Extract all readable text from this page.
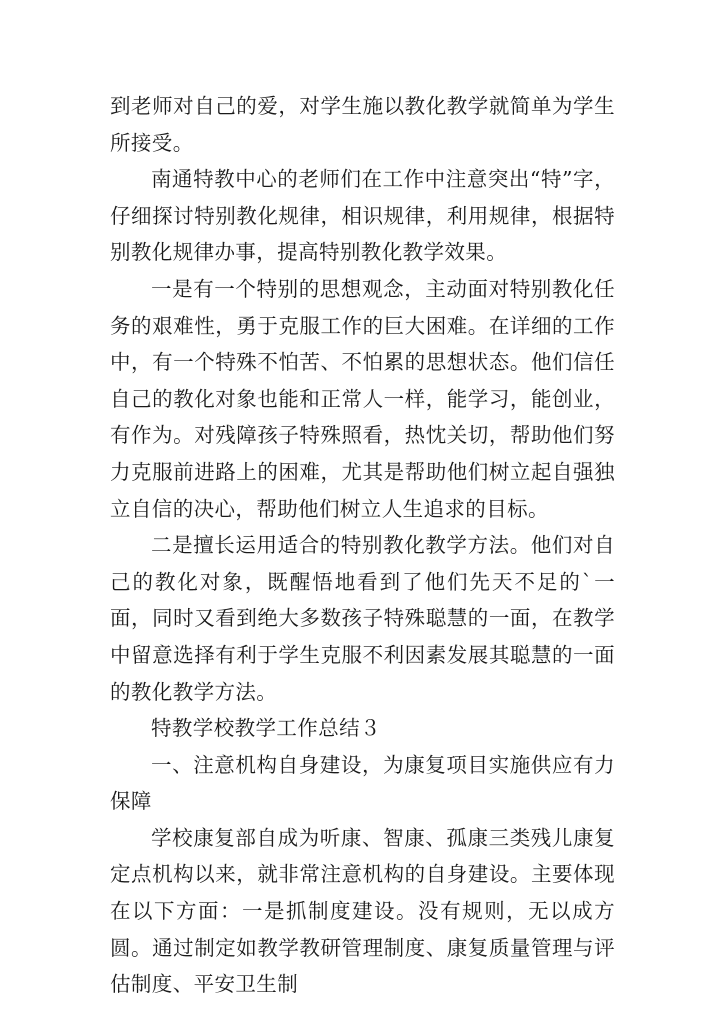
到老师对自己的爱，对学生施以教化教学就简单为学生所接受。

南通特教中心的老师们在工作中注意突出“特”字，仔细探讨特别教化规律，相识规律，利用规律，根据特别教化规律办事，提高特别教化教学效果。

一是有一个特别的思想观念，主动面对特别教化任务的艰难性，勇于克服工作的巨大困难。在详细的工作中，有一个特殊不怕苦、不怕累的思想状态。他们信任自己的教化对象也能和正常人一样，能学习，能创业，有作为。对残障孩子特殊照看，热忱关切，帮助他们努力克服前进路上的困难，尤其是帮助他们树立起自强独立自信的决心，帮助他们树立人生追求的目标。

二是擅长运用适合的特别教化教学方法。他们对自己的教化对象，既醒悟地看到了他们先天不足的`一面，同时又看到绝大多数孩子特殊聪慧的一面，在教学中留意选择有利于学生克服不利因素发展其聪慧的一面的教化教学方法。

特教学校教学工作总结３

一、注意机构自身建设，为康复项目实施供应有力保障

学校康复部自成为听康、智康、孤康三类残儿康复定点机构以来，就非常注意机构的自身建设。主要体现在以下方面：一是抓制度建设。没有规则，无以成方圆。通过制定如教学教研管理制度、康复质量管理与评估制度、平安卫生制
